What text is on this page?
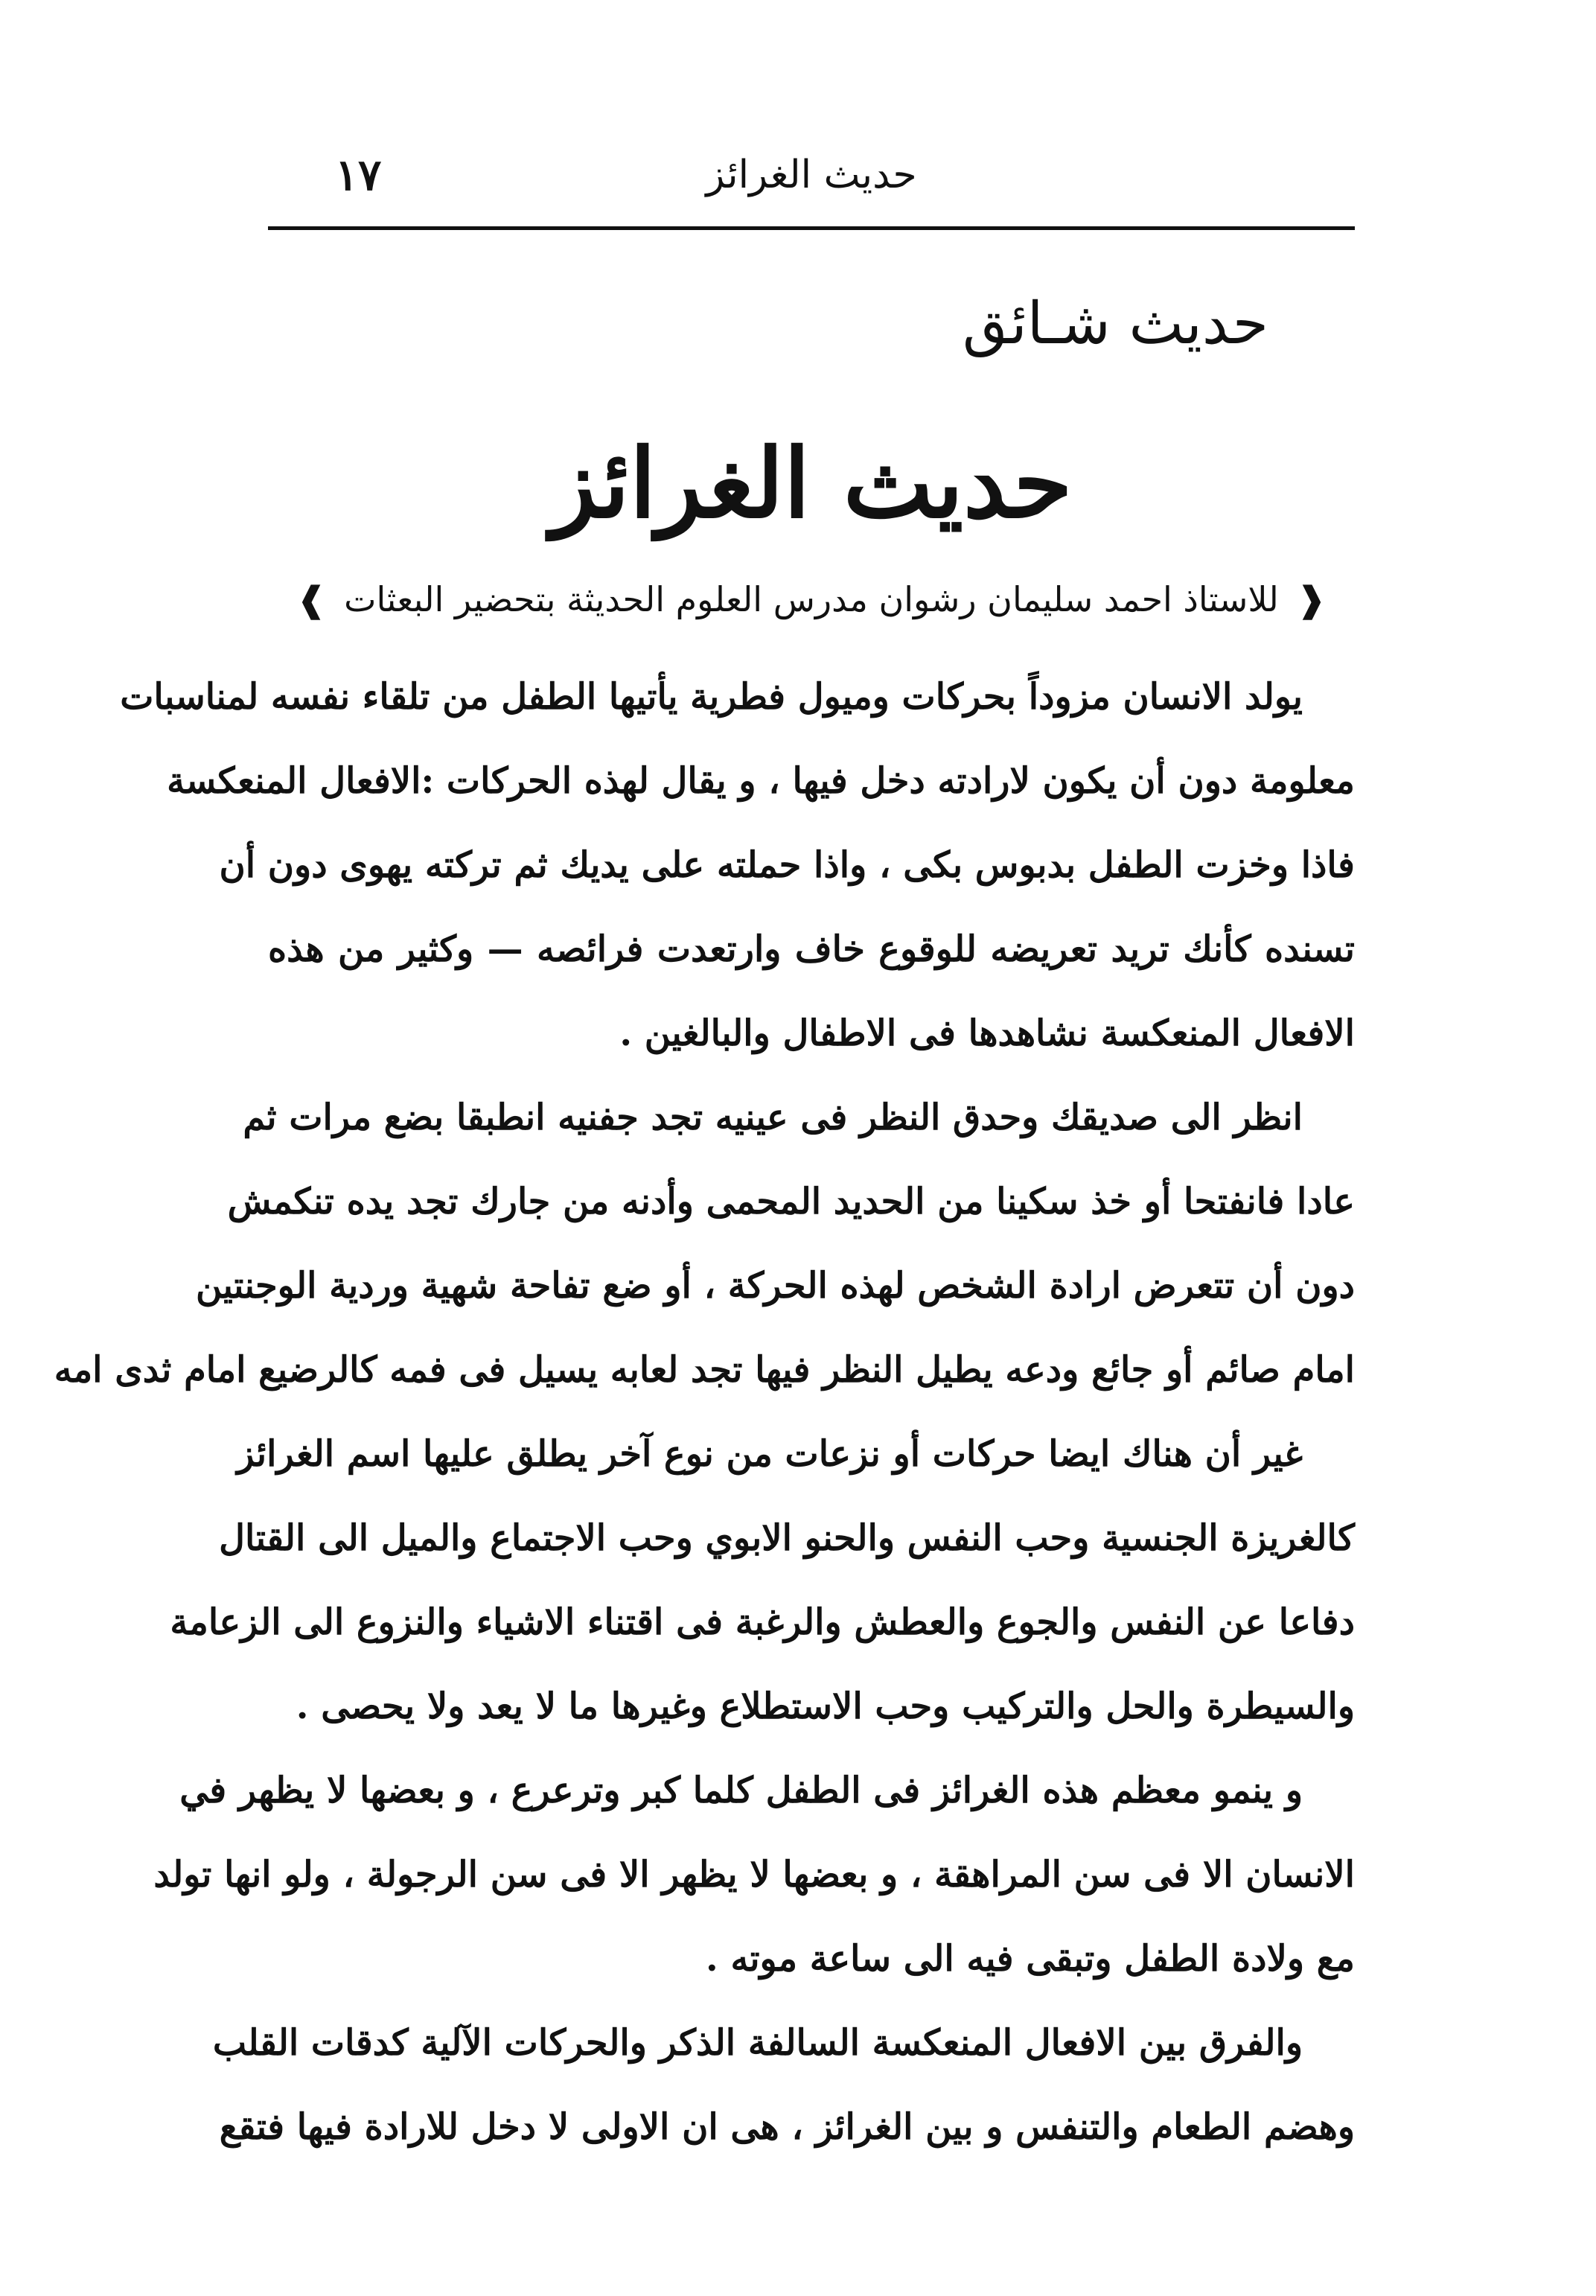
حديث الغرائز
١٧
حديث شـائق
حديث الغرائز
❰ للاستاذ احمد سليمان رشوان مدرس العلوم الحديثة بتحضير البعثات ❱
يولد الانسان مزوداً بحركات وميول فطرية يأتيها الطفل من تلقاء نفسه لمناسبات
معلومة دون أن يكون لارادته دخل فيها ، و يقال لهذه الحركات :الافعال المنعكسة
فاذا وخزت الطفل بدبوس بكى ، واذا حملته على يديك ثم تركته يهوى دون أن
تسنده كأنك تريد تعريضه للوقوع خاف وارتعدت فرائصه — وكثير من هذه
الافعال المنعكسة نشاهدها فى الاطفال والبالغين .
انظر الى صديقك وحدق النظر فى عينيه تجد جفنيه انطبقا بضع مرات ثم
عادا فانفتحا أو خذ سكينا من الحديد المحمى وأدنه من جارك تجد يده تنكمش
دون أن تتعرض ارادة الشخص لهذه الحركة ، أو ضع تفاحة شهية وردية الوجنتين
امام صائم أو جائع ودعه يطيل النظر فيها تجد لعابه يسيل فى فمه كالرضيع امام ثدى امه
غير أن هناك ايضا حركات أو نزعات من نوع آخر يطلق عليها اسم الغرائز
كالغريزة الجنسية وحب النفس والحنو الابوي وحب الاجتماع والميل الى القتال
دفاعا عن النفس والجوع والعطش والرغبة فى اقتناء الاشياء والنزوع الى الزعامة
والسيطرة والحل والتركيب وحب الاستطلاع وغيرها ما لا يعد ولا يحصى .
و ينمو معظم هذه الغرائز فى الطفل كلما كبر وترعرع ، و بعضها لا يظهر في
الانسان الا فى سن المراهقة ، و بعضها لا يظهر الا فى سن الرجولة ، ولو انها تولد
مع ولادة الطفل وتبقى فيه الى ساعة موته .
والفرق بين الافعال المنعكسة السالفة الذكر والحركات الآلية كدقات القلب
وهضم الطعام والتنفس و بين الغرائز ، هى ان الاولى لا دخل للارادة فيها فتقع
